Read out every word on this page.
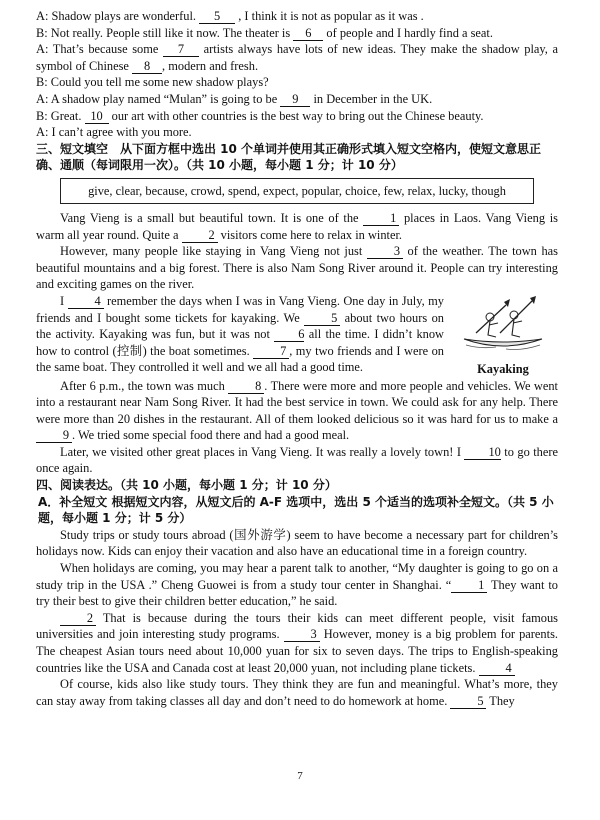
A: Shadow plays are wonderful. 5 , I think it is not as popular as it was .

B: Not really. People still like it now. The theater is 6 of people and I hardly find a seat.

A: That’s because some 7 artists always have lots of new ideas. They make the shadow play, a symbol of Chinese 8 , modern and fresh.

B: Could you tell me some new shadow plays?

A: A shadow play named “Mulan” is going to be 9 in December in the UK.

B: Great. 10 our art with other countries is the best way to bring out the Chinese beauty.

A: I can’t agree with you more.

三、短文填空　从下面方框中选出 10 个单词并使用其正确形式填入短文空格内，使短文意思正确、通顺（每词限用一次）。（共 10 小题，每小题 1 分；计 10 分）

give, clear, because, crowd, spend, expect, popular, choice, few, relax, lucky, though

Vang Vieng is a small but beautiful town. It is one of the	1 places in Laos. Vang Vieng is warm all year round. Quite a 2 visitors come here to relax in winter.

However, many people like staying in Vang Vieng not just	3 of the weather. The town has beautiful mountains and a big forest. There is also Nam Song River around it. People can try interesting and exciting games on the river.

I 4 remember the days when I was in Vang Vieng. One day in July, my friends and I bought some tickets for kayaking. We	5 about two hours on the activity. Kayaking was fun, but it was not 6 all the time. I didn’t know how to control (控制) the boat sometimes. 7 , my two friends and I were on the same boat. They controlled it well and we all had a good time.	Kayaking

After 6 p.m., the town was much 8 . There were more and more people and vehicles. We went into a restaurant near Nam Song River. It had the best service in town. We could ask for any help. There were more than 20 dishes in the restaurant. All of them looked delicious so it was hard for us to make a 9 . We tried some special food there and had a good meal.

Later, we visited other great places in Vang Vieng. It was really a lovely town! I 10 to go there once again.

四、阅读表达。（共 10 小题，每小题 1 分；计 10 分）

A．补全短文 根据短文内容，从短文后的 A-F 选项中，选出 5 个适当的选项补全短文。（共 5 小题，每小题 1 分；计 5 分）

Study trips or study tours abroad (国外游学) seem to have become a necessary part for children’s holidays now. Kids can enjoy their vacation and also have an educational time in a foreign country.

When holidays are coming, you may hear a parent talk to another, “My daughter is going to go on a study trip in the USA .” Cheng Guowei is from a study tour center in Shanghai. “ 1 They want to try their best to give their children better education,” he said.

2 That is because during the tours their kids can meet different people, visit famous universities and join interesting study programs. 3 However, money is a big problem for parents. The cheapest Asian tours need about 10,000 yuan for six to seven days. The trips to English-speaking countries like the USA and Canada cost at least 20,000 yuan, not including plane tickets. 4

Of course, kids also like study tours. They think they are fun and meaningful. What’s more, they can stay away from taking classes all day and don’t need to do homework at home. 5 They

7
